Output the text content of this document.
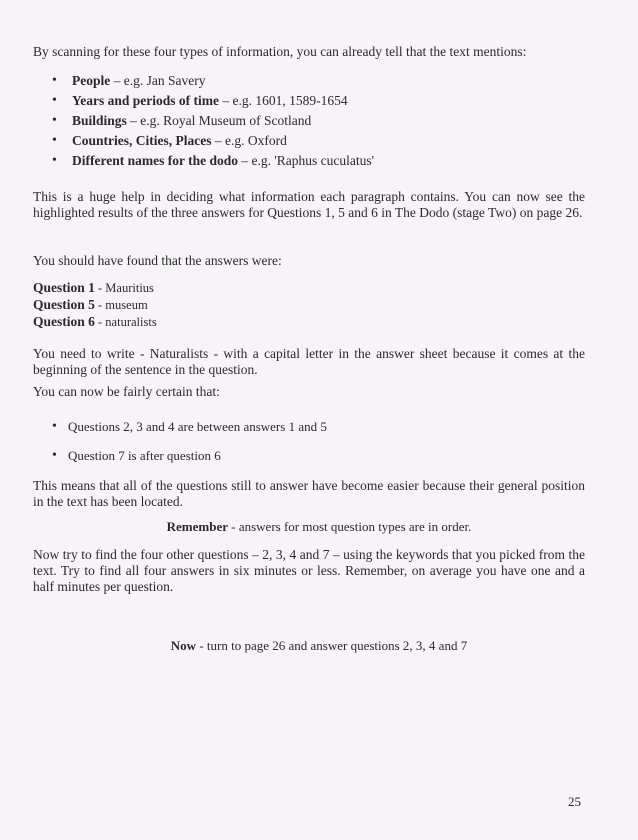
By scanning for these four types of information, you can already tell that the text mentions:

• People – e.g. Jan Savery
• Years and periods of time – e.g. 1601, 1589-1654
• Buildings – e.g. Royal Museum of Scotland
• Countries, Cities, Places – e.g. Oxford
• Different names for the dodo – e.g. 'Raphus cuculatus'

This is a huge help in deciding what information each paragraph contains. You can now see the highlighted results of the three answers for Questions 1, 5 and 6 in The Dodo (stage Two) on page 26.

You should have found that the answers were:

Question 1 - Mauritius
Question 5 - museum
Question 6 - naturalists

You need to write - Naturalists - with a capital letter in the answer sheet because it comes at the beginning of the sentence in the question.

You can now be fairly certain that:

• Questions 2, 3 and 4 are between answers 1 and 5
• Question 7 is after question 6

This means that all of the questions still to answer have become easier because their general position in the text has been located.

Remember - answers for most question types are in order.

Now try to find the four other questions – 2, 3, 4 and 7 – using the keywords that you picked from the text. Try to find all four answers in six minutes or less. Remember, on average you have one and a half minutes per question.

Now - turn to page 26 and answer questions 2, 3, 4 and 7
25
